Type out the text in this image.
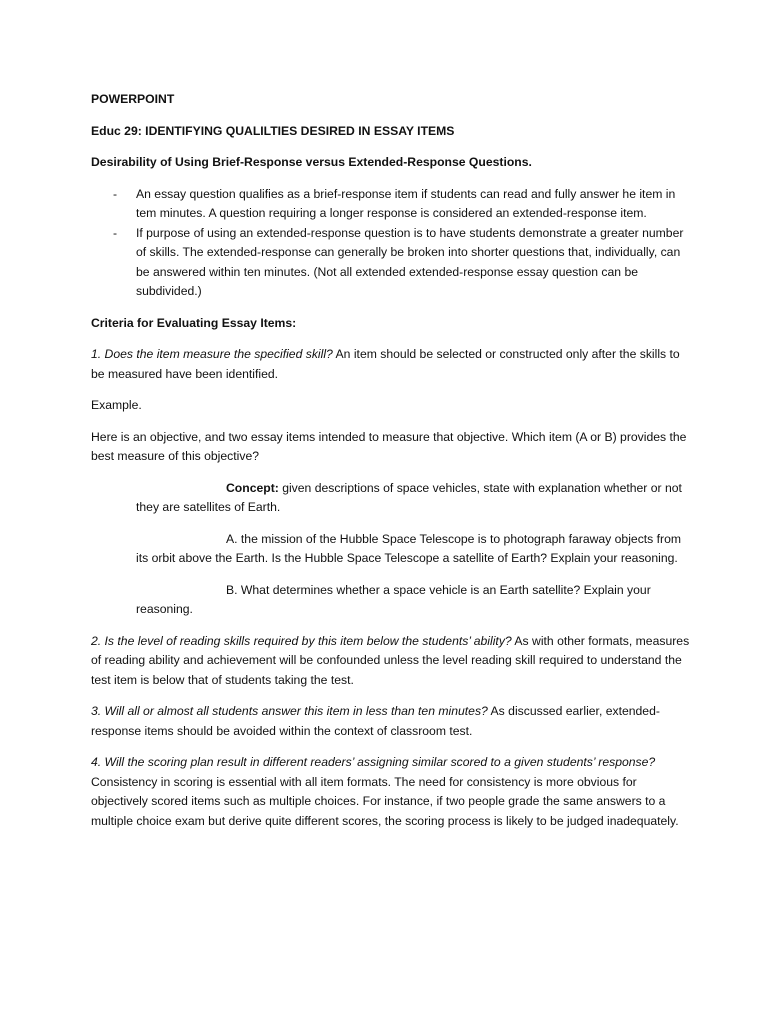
POWERPOINT

Educ 29: IDENTIFYING QUALILTIES DESIRED IN ESSAY ITEMS

Desirability of Using Brief-Response versus Extended-Response Questions.

- An essay question qualifies as a brief-response item if students can read and fully answer he item in tem minutes. A question requiring a longer response is considered an extended-response item.
- If purpose of using an extended-response question is to have students demonstrate a greater number of skills. The extended-response can generally be broken into shorter questions that, individually, can be answered within ten minutes. (Not all extended extended-response essay question can be subdivided.)

Criteria for Evaluating Essay Items:

1. Does the item measure the specified skill? An item should be selected or constructed only after the skills to be measured have been identified.

Example.

Here is an objective, and two essay items intended to measure that objective. Which item (A or B) provides the best measure of this objective?

Concept: given descriptions of space vehicles, state with explanation whether or not they are satellites of Earth.

A. the mission of the Hubble Space Telescope is to photograph faraway objects from its orbit above the Earth. Is the Hubble Space Telescope a satellite of Earth? Explain your reasoning.

B. What determines whether a space vehicle is an Earth satellite? Explain your reasoning.

2. Is the level of reading skills required by this item below the students’ ability? As with other formats, measures of reading ability and achievement will be confounded unless the level reading skill required to understand the test item is below that of students taking the test.

3. Will all or almost all students answer this item in less than ten minutes? As discussed earlier, extended-response items should be avoided within the context of classroom test.

4. Will the scoring plan result in different readers’ assigning similar scored to a given students’ response? Consistency in scoring is essential with all item formats. The need for consistency is more obvious for objectively scored items such as multiple choices. For instance, if two people grade the same answers to a multiple choice exam but derive quite different scores, the scoring process is likely to be judged inadequately.
